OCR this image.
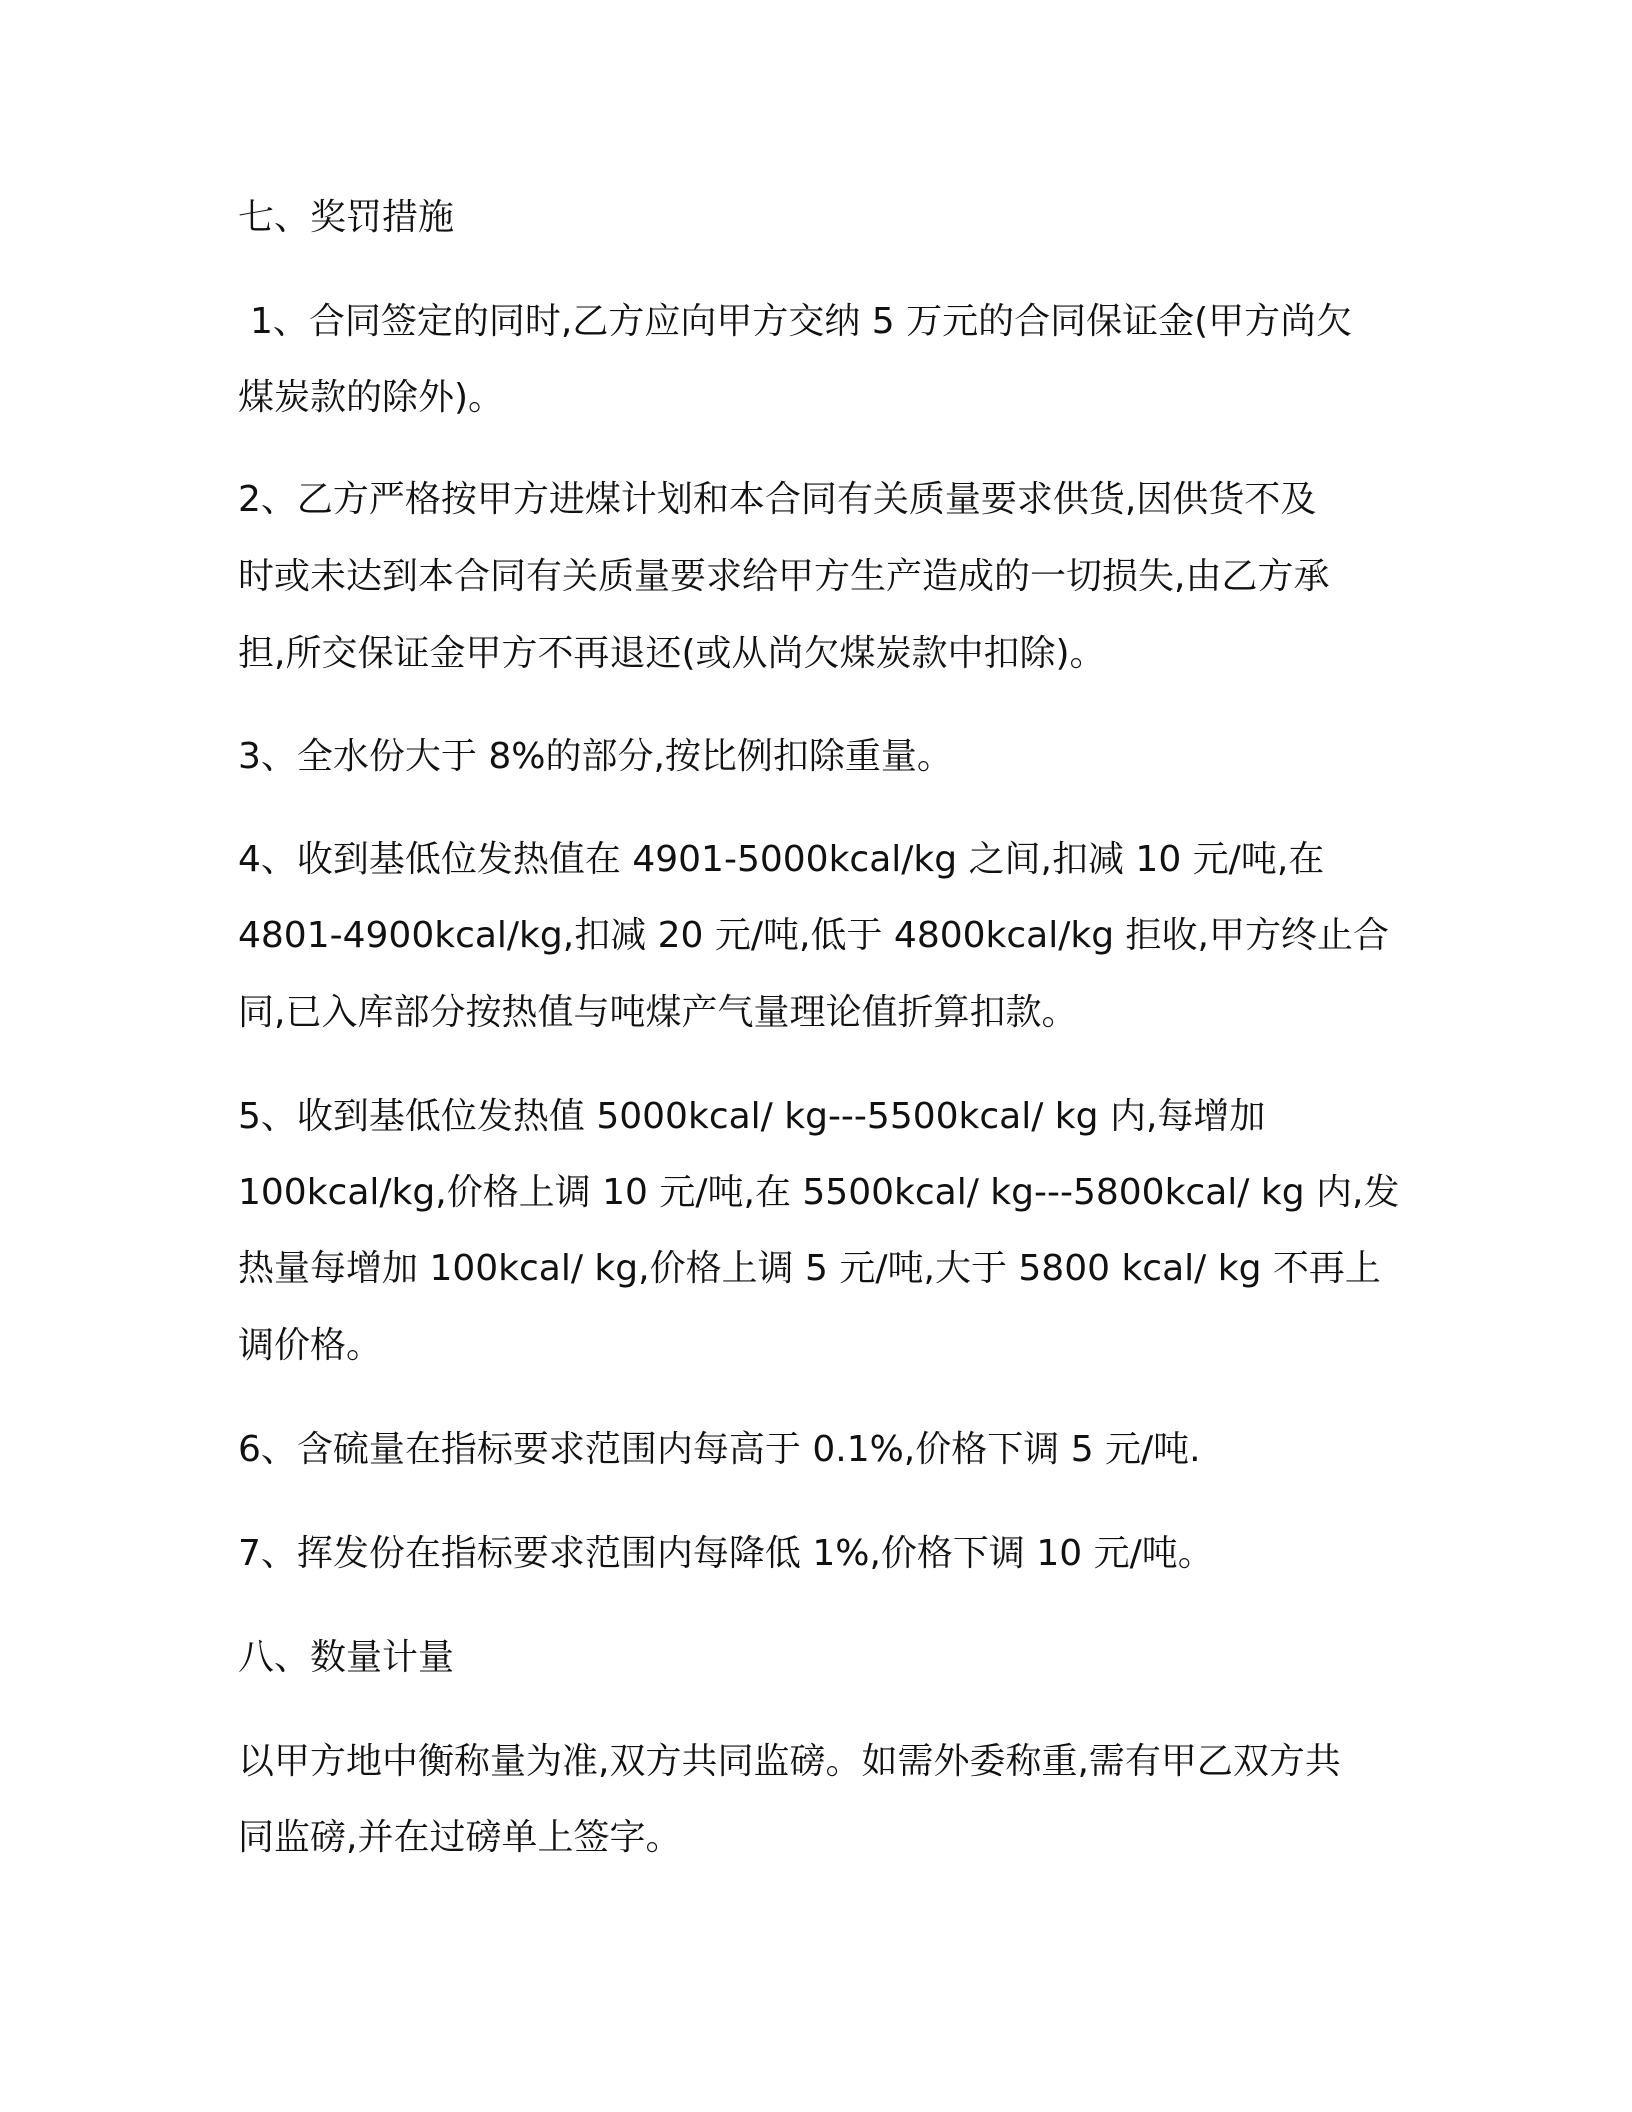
七、奖罚措施
1、合同签定的同时,乙方应向甲方交纳 5 万元的合同保证金(甲方尚欠
煤炭款的除外)。
2、乙方严格按甲方进煤计划和本合同有关质量要求供货,因供货不及
时或未达到本合同有关质量要求给甲方生产造成的一切损失,由乙方承
担,所交保证金甲方不再退还(或从尚欠煤炭款中扣除)。
3、全水份大于 8%的部分,按比例扣除重量。
4、收到基低位发热值在 4901-5000kcal/kg 之间,扣减 10 元/吨,在
4801-4900kcal/kg,扣减 20 元/吨,低于 4800kcal/kg 拒收,甲方终止合
同,已入库部分按热值与吨煤产气量理论值折算扣款。
5、收到基低位发热值 5000kcal/ kg---5500kcal/ kg 内,每增加
100kcal/kg,价格上调 10 元/吨,在 5500kcal/ kg---5800kcal/ kg 内,发
热量每增加 100kcal/ kg,价格上调 5 元/吨,大于 5800 kcal/ kg 不再上
调价格。
6、含硫量在指标要求范围内每高于 0.1%,价格下调 5 元/吨.
7、挥发份在指标要求范围内每降低 1%,价格下调 10 元/吨。
八、数量计量
以甲方地中衡称量为准,双方共同监磅。如需外委称重,需有甲乙双方共
同监磅,并在过磅单上签字。
